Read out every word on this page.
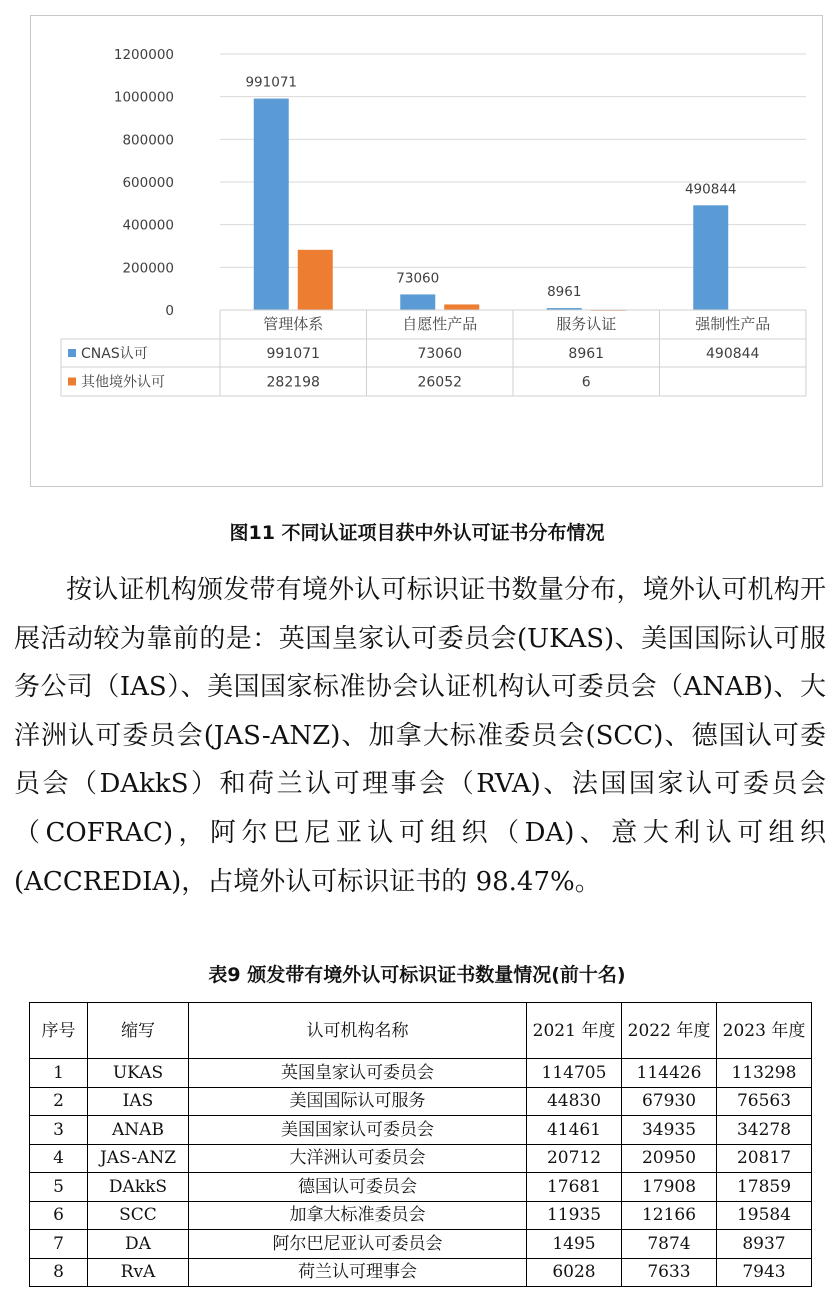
0
200000
400000
600000
800000
1000000
1200000
991071
73060
8961
490844
管理体系	自愿性产品	服务认证	强制性产品
CNAS认可	991071	73060	8961	490844
其他境外认可	282198	26052	6
图11 不同认证项目获中外认可证书分布情况

按认证机构颁发带有境外认可标识证书数量分布，境外认可机构开展活动较为靠前的是：英国皇家认可委员会(UKAS)、美国国际认可服务公司（IAS）、美国国家标准协会认证机构认可委员会（ANAB)、大洋洲认可委员会(JAS-ANZ)、加拿大标准委员会(SCC)、德国认可委员会（DAkkS）和荷兰认可理事会（RVA)、法国国家认可委员会（COFRAC)，阿尔巴尼亚认可组织（DA)、意大利认可组织(ACCREDIA)，占境外认可标识证书的 98.47%。

表9 颁发带有境外认可标识证书数量情况(前十名)
序号	缩写	认可机构名称	2021 年度	2022 年度	2023 年度
1	UKAS	英国皇家认可委员会	114705	114426	113298
2	IAS	美国国际认可服务	44830	67930	76563
3	ANAB	美国国家认可委员会	41461	34935	34278
4	JAS-ANZ	大洋洲认可委员会	20712	20950	20817
5	DAkkS	德国认可委员会	17681	17908	17859
6	SCC	加拿大标准委员会	11935	12166	19584
7	DA	阿尔巴尼亚认可委员会	1495	7874	8937
8	RvA	荷兰认可理事会	6028	7633	7943
